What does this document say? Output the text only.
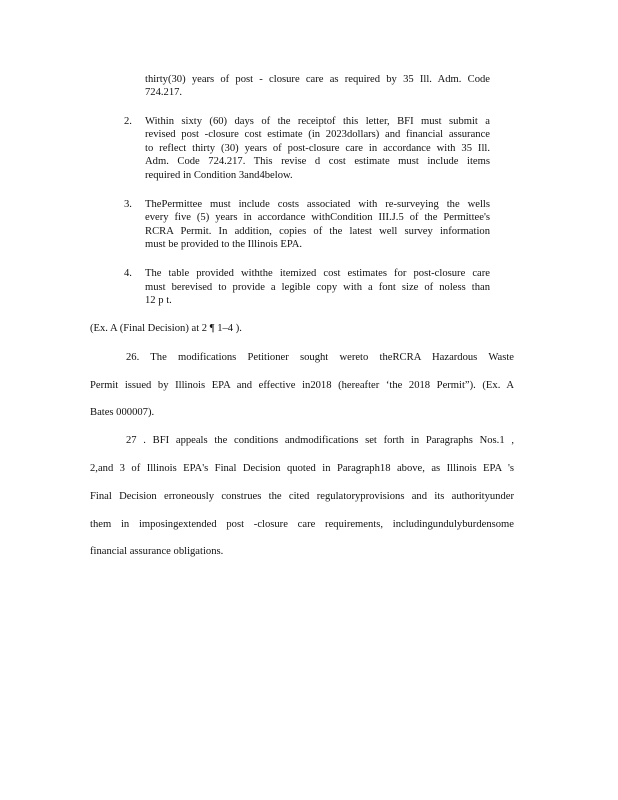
thirty(30) years of post - closure care as required by 35 Ill. Adm. Code
724.217.
2. Within sixty (60) days of the receiptof this letter, BFI must submit a
revised post -closure cost estimate (in 2023dollars) and financial assurance
to reflect thirty (30) years of post-closure care in accordance with 35 Ill.
Adm. Code 724.217. This revise d cost estimate must include items
required in Condition 3and4below.
3. ThePermittee must include costs associated with re-surveying the wells
every five (5) years in accordance withCondition III.J.5 of the Permittee's
RCRA Permit. In addition, copies of the latest well survey information
must be provided to the Illinois EPA.
4. The table provided withthe itemized cost estimates for post-closure care
must berevised to provide a legible copy with a font size of noless than
12 p t.
(Ex. A (Final Decision) at 2 ¶ 1–4 ).
26. The modifications Petitioner sought wereto theRCRA Hazardous Waste
Permit issued by Illinois EPA and effective in2018 (hereafter ‘the 2018 Permit”). (Ex. A
Bates 000007).
27 . BFI appeals the conditions andmodifications set forth in Paragraphs Nos.1 ,
2,and 3 of Illinois EPA's Final Decision quoted in Paragraph18 above, as Illinois EPA 's
Final Decision erroneously construes the cited regulatoryprovisions and its authorityunder
them in imposingextended post -closure care requirements, includingundulyburdensome
financial assurance obligations.
